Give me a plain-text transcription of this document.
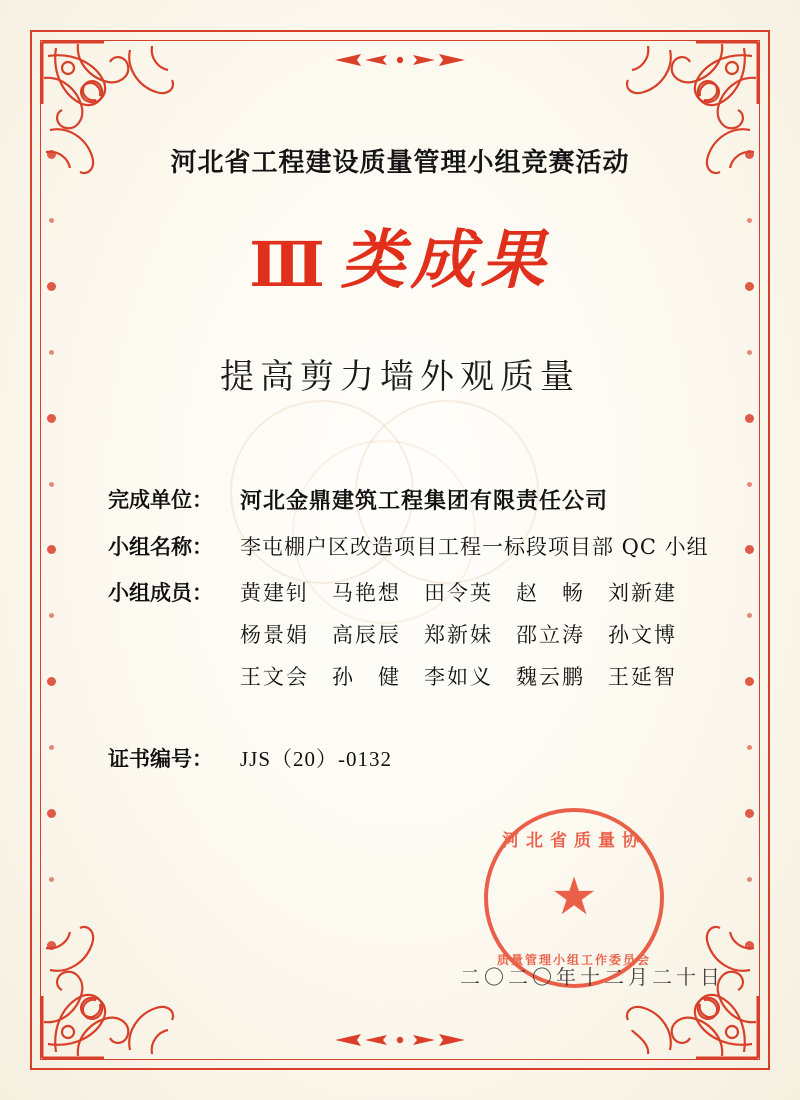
河北省工程建设质量管理小组竞赛活动
Ⅲ 类成果
提高剪力墙外观质量
完成单位：	河北金鼎建筑工程集团有限责任公司
小组名称：	李屯棚户区改造项目工程一标段项目部 QC 小组
小组成员：	黄建钊　马艳想　田令英　赵　畅　刘新建
杨景娟　高辰辰　郑新妹　邵立涛　孙文博
王文会　孙　健　李如义　魏云鹏　王延智
证书编号：	JJS（20）-0132
河北省质量协
★
质量管理小组工作委员会
二〇二〇年十二月二十日
